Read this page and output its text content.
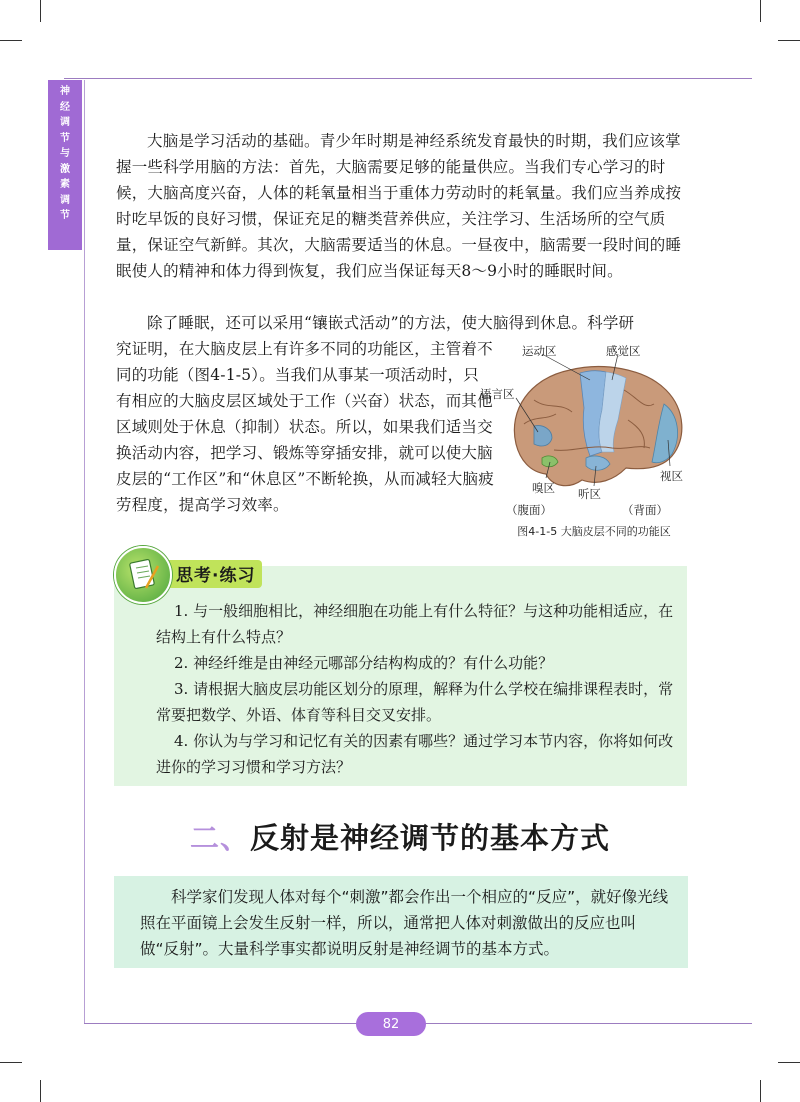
神
经
调
节
与
激
素
调
节

大脑是学习活动的基础。青少年时期是神经系统发育最快的时期，我们应该掌握一些科学用脑的方法：首先，大脑需要足够的能量供应。当我们专心学习的时候，大脑高度兴奋，人体的耗氧量相当于重体力劳动时的耗氧量。我们应当养成按时吃早饭的良好习惯，保证充足的糖类营养供应，关注学习、生活场所的空气质量，保证空气新鲜。其次，大脑需要适当的休息。一昼夜中，脑需要一段时间的睡眠使人的精神和体力得到恢复，我们应当保证每天8～9小时的睡眠时间。

除了睡眠，还可以采用“镶嵌式活动”的方法，使大脑得到休息。科学研

究证明，在大脑皮层上有许多不同的功能区，主管着不同的功能（图4-1-5）。当我们从事某一项活动时，只有相应的大脑皮层区域处于工作（兴奋）状态，而其他区域则处于休息（抑制）状态。所以，如果我们适当交换活动内容，把学习、锻炼等穿插安排，就可以使大脑皮层的“工作区”和“休息区”不断轮换，从而减轻大脑疲劳程度，提高学习效率。

运动区	感觉区
语言区
视区
嗅区 听区
（腹面）	（背面）
图4-1-5 大脑皮层不同的功能区
思考·练习

1. 与一般细胞相比，神经细胞在功能上有什么特征？与这种功能相适应，在结构上有什么特点？

2. 神经纤维是由神经元哪部分结构构成的？有什么功能？

3. 请根据大脑皮层功能区划分的原理，解释为什么学校在编排课程表时，常常要把数学、外语、体育等科目交叉安排。

4. 你认为与学习和记忆有关的因素有哪些？通过学习本节内容，你将如何改进你的学习习惯和学习方法？

二、反射是神经调节的基本方式

科学家们发现人体对每个“刺激”都会作出一个相应的“反应”，就好像光线照在平面镜上会发生反射一样，所以，通常把人体对刺激做出的反应也叫做“反射”。大量科学事实都说明反射是神经调节的基本方式。

82
